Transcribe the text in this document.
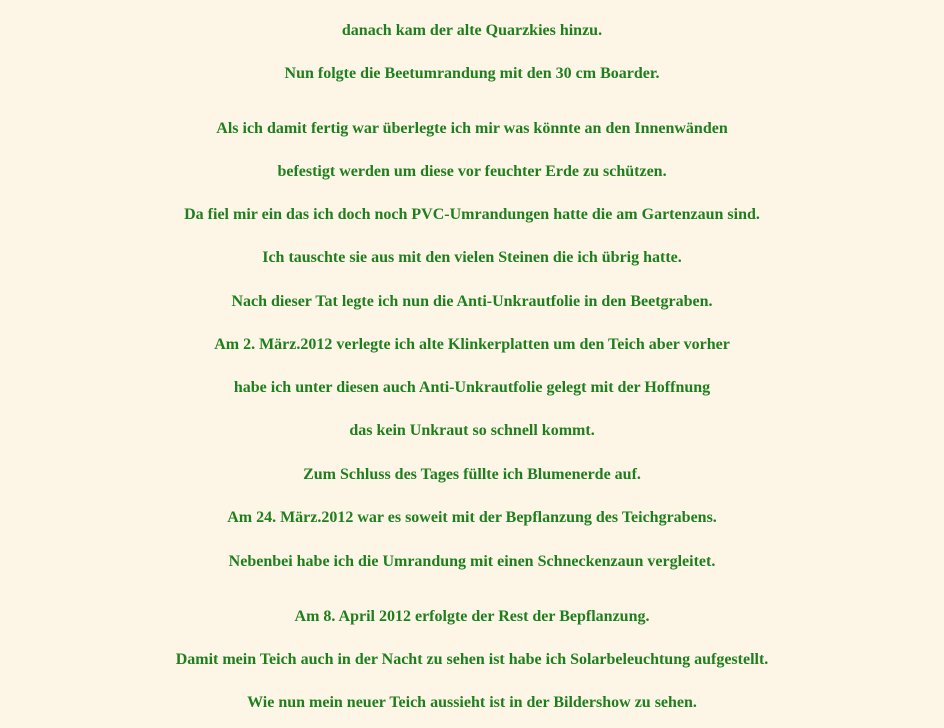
danach kam der alte Quarzkies hinzu.

Nun folgte die Beetumrandung mit den 30 cm Boarder.

Als ich damit fertig war überlegte ich mir was könnte an den Innenwänden

befestigt werden um diese vor feuchter Erde zu schützen.

Da fiel mir ein das ich doch noch PVC-Umrandungen hatte die am Gartenzaun sind.

Ich tauschte sie aus mit den vielen Steinen die ich übrig hatte.

Nach dieser Tat legte ich nun die Anti-Unkrautfolie in den Beetgraben.

Am 2. März.2012 verlegte ich alte Klinkerplatten um den Teich aber vorher

habe ich unter diesen auch Anti-Unkrautfolie gelegt mit der Hoffnung

das kein Unkraut so schnell kommt.

Zum Schluss des Tages füllte ich Blumenerde auf.

Am 24. März.2012 war es soweit mit der Bepflanzung des Teichgrabens.

Nebenbei habe ich die Umrandung mit einen Schneckenzaun vergleitet.

Am 8. April 2012 erfolgte der Rest der Bepflanzung.

Damit mein Teich auch in der Nacht zu sehen ist habe ich Solarbeleuchtung aufgestellt.

Wie nun mein neuer Teich aussieht ist in der Bildershow zu sehen.
